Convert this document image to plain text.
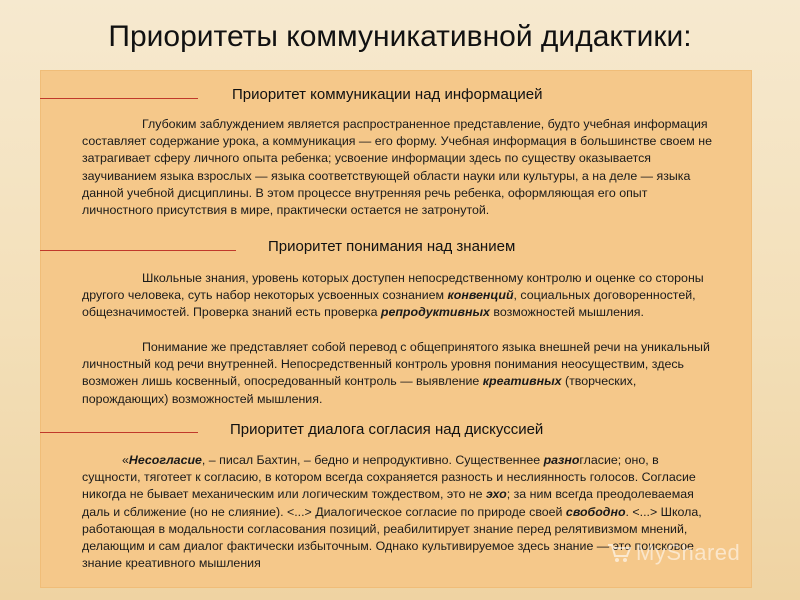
Приоритеты коммуникативной дидактики:
Приоритет коммуникации над информацией
Глубоким заблуждением является распространенное представление, будто учебная информация составляет содержание урока, а коммуникация — его форму. Учебная информация в большинстве своем не затрагивает сферу личного опыта ребенка; усвоение информации здесь по существу оказывается заучиванием языка взрослых — языка соответствующей области науки или культуры, а на деле — языка данной учебной дисциплины. В этом процессе внутренняя речь ребенка, оформляющая его опыт личностного присутствия в мире, практически остается не затронутой.
Приоритет понимания над знанием
Школьные знания, уровень которых доступен непосредственному контролю и оценке со стороны другого человека, суть набор некоторых усвоенных сознанием конвенций, социальных договоренностей, общезначимостей. Проверка знаний есть проверка репродуктивных возможностей мышления.
Понимание же представляет собой перевод с общепринятого языка внешней речи на уникальный личностный код речи внутренней. Непосредственный контроль уровня понимания неосуществим, здесь возможен лишь косвенный, опосредованный контроль — выявление креативных (творческих, порождающих) возможностей мышления.
Приоритет диалога согласия над дискуссией
«Несогласие, – писал Бахтин, – бедно и непродуктивно. Существеннее разногласие; оно, в сущности, тяготеет к согласию, в котором всегда сохраняется разность и неслиянность голосов. Согласие никогда не бывает механическим или логическим тождеством, это не эхо; за ним всегда преодолеваемая даль и сближение (но не слияние). <...> Диалогическое согласие по природе своей свободно. <...> Школа, работающая в модальности согласования позиций, реабилитирует знание перед релятивизмом мнений, делающим и сам диалог фактически избыточным. Однако культивируемое здесь знание — это поисковое знание креативного мышления	MyShared
